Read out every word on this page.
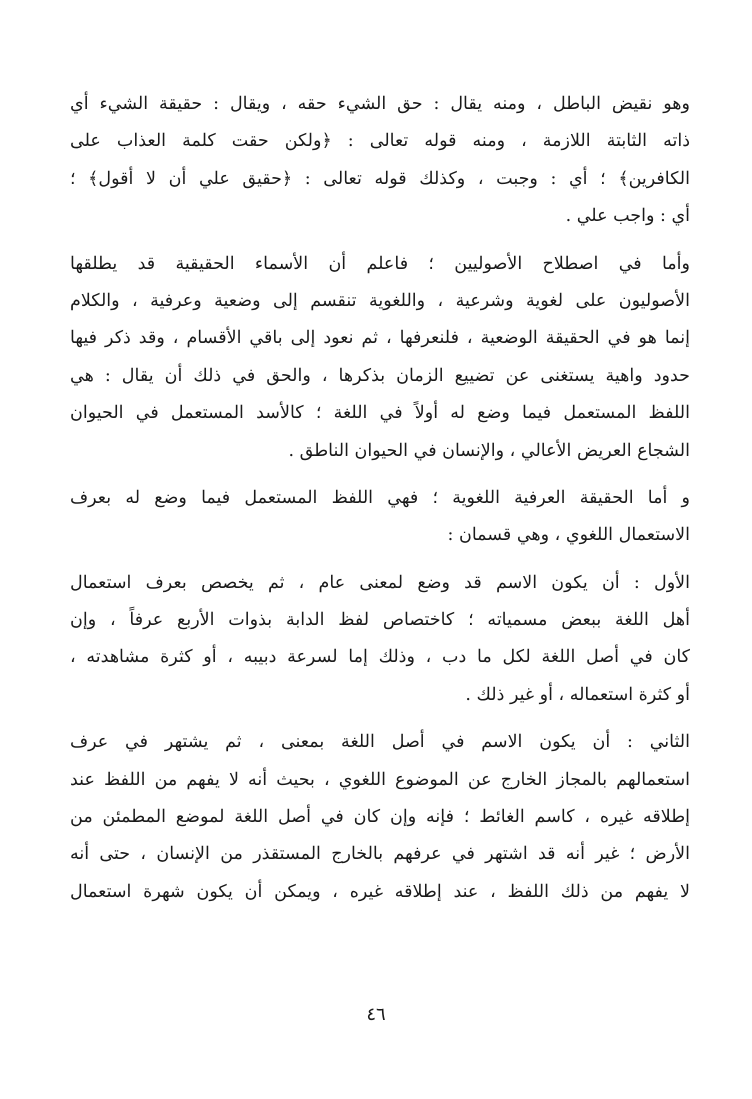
وهو نقيض الباطل ، ومنه يقال : حق الشيء حقه ، ويقال : حقيقة الشيء أي
ذاته الثابتة اللازمة ، ومنه قوله تعالى : ﴿ولكن حقت كلمة العذاب على
الكافرين﴾ ؛ أي : وجبت ، وكذلك قوله تعالى : ﴿حقيق علي أن لا أقول﴾ ؛
أي : واجب علي .
وأما في اصطلاح الأصوليين ؛ فاعلم أن الأسماء الحقيقية قد يطلقها
الأصوليون على لغوية وشرعية ، واللغوية تنقسم إلى وضعية وعرفية ، والكلام
إنما هو في الحقيقة الوضعية ، فلنعرفها ، ثم نعود إلى باقي الأقسام ، وقد ذكر فيها
حدود واهية يستغنى عن تضييع الزمان بذكرها ، والحق في ذلك أن يقال : هي
اللفظ المستعمل فيما وضع له أولاً في اللغة ؛ كالأسد المستعمل في الحيوان
الشجاع العريض الأعالي ، والإنسان في الحيوان الناطق .
و أما الحقيقة العرفية اللغوية ؛ فهي اللفظ المستعمل فيما وضع له بعرف
الاستعمال اللغوي ، وهي قسمان :
الأول : أن يكون الاسم قد وضع لمعنى عام ، ثم يخصص بعرف استعمال
أهل اللغة ببعض مسمياته ؛ كاختصاص لفظ الدابة بذوات الأربع عرفاً ، وإن
كان في أصل اللغة لكل ما دب ، وذلك إما لسرعة دبيبه ، أو كثرة مشاهدته ،
أو كثرة استعماله ، أو غير ذلك .
الثاني : أن يكون الاسم في أصل اللغة بمعنى ، ثم يشتهر في عرف
استعمالهم بالمجاز الخارج عن الموضوع اللغوي ، بحيث أنه لا يفهم من اللفظ عند
إطلاقه غيره ، كاسم الغائط ؛ فإنه وإن كان في أصل اللغة لموضع المطمئن من
الأرض ؛ غير أنه قد اشتهر في عرفهم بالخارج المستقذر من الإنسان ، حتى أنه
لا يفهم من ذلك اللفظ ، عند إطلاقه غيره ، ويمكن أن يكون شهرة استعمال
٤٦
